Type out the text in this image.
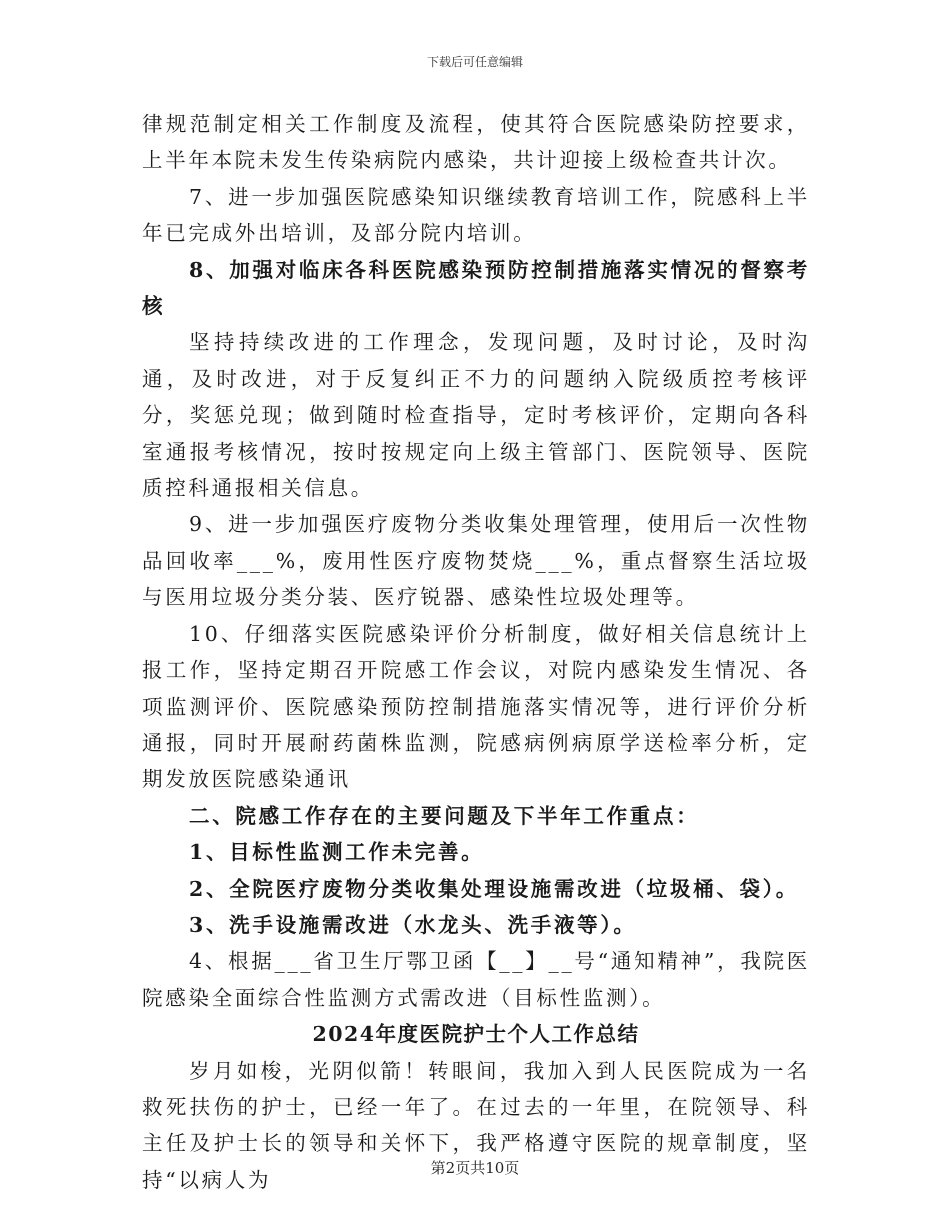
下载后可任意编辑

律规范制定相关工作制度及流程，使其符合医院感染防控要求，上半年本院未发生传染病院内感染，共计迎接上级检查共计次。

7、进一步加强医院感染知识继续教育培训工作，院感科上半年已完成外出培训，及部分院内培训。

8、加强对临床各科医院感染预防控制措施落实情况的督察考核

坚持持续改进的工作理念，发现问题，及时讨论，及时沟通，及时改进，对于反复纠正不力的问题纳入院级质控考核评分，奖惩兑现；做到随时检查指导，定时考核评价，定期向各科室通报考核情况，按时按规定向上级主管部门、医院领导、医院质控科通报相关信息。

9、进一步加强医疗废物分类收集处理管理，使用后一次性物品回收率___%，废用性医疗废物焚烧___%，重点督察生活垃圾与医用垃圾分类分装、医疗锐器、感染性垃圾处理等。

10、仔细落实医院感染评价分析制度，做好相关信息统计上报工作，坚持定期召开院感工作会议，对院内感染发生情况、各项监测评价、医院感染预防控制措施落实情况等，进行评价分析通报，同时开展耐药菌株监测，院感病例病原学送检率分析，定期发放医院感染通讯

二、院感工作存在的主要问题及下半年工作重点：

1、目标性监测工作未完善。

2、全院医疗废物分类收集处理设施需改进（垃圾桶、袋）。

3、洗手设施需改进（水龙头、洗手液等）。

4、根据___省卫生厅鄂卫函【__】__号“通知精神”，我院医院感染全面综合性监测方式需改进（目标性监测）。

2024年度医院护士个人工作总结

岁月如梭，光阴似箭！转眼间，我加入到人民医院成为一名救死扶伤的护士，已经一年了。在过去的一年里，在院领导、科主任及护士长的领导和关怀下，我严格遵守医院的规章制度，坚持“以病人为	第2页共10页
